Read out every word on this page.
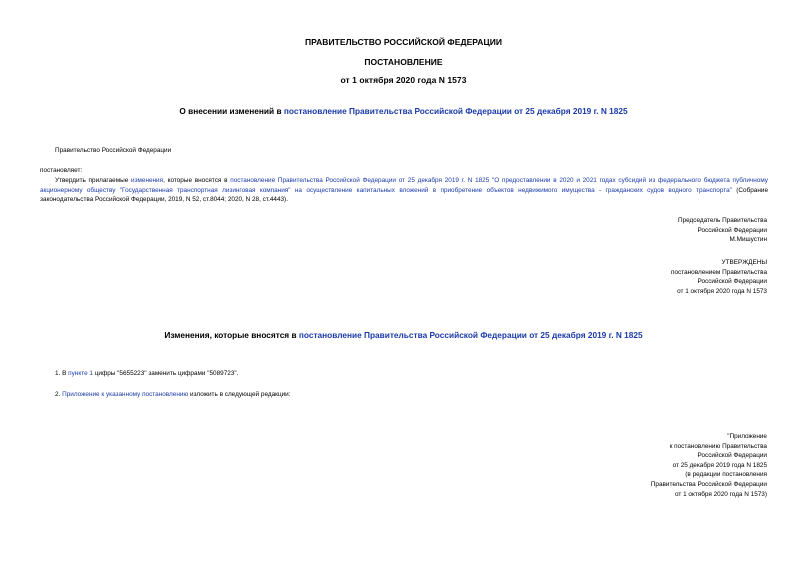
ПРАВИТЕЛЬСТВО РОССИЙСКОЙ ФЕДЕРАЦИИ
ПОСТАНОВЛЕНИЕ
от 1 октября 2020 года N 1573
О внесении изменений в постановление Правительства Российской Федерации от 25 декабря 2019 г. N 1825
Правительство Российской Федерации
постановляет:
Утвердить прилагаемые изменения, которые вносятся в постановление Правительства Российской Федерации от 25 декабря 2019 г. N 1825 "О предоставлении в 2020 и 2021 годах субсидий из федерального бюджета публичному акционерному обществу "Государственная транспортная лизинговая компания" на осуществление капитальных вложений в приобретение объектов недвижимого имущества - гражданских судов водного транспорта" (Собрание законодательства Российской Федерации, 2019, N 52, ст.8044; 2020, N 28, ст.4443).
Председатель Правительства
Российской Федерации
М.Мишустин
УТВЕРЖДЕНЫ
постановлением Правительства
Российской Федерации
от 1 октября 2020 года N 1573
Изменения, которые вносятся в постановление Правительства Российской Федерации от 25 декабря 2019 г. N 1825
1. В пункте 1 цифры "5655223" заменить цифрами "5089723".
2. Приложение к указанному постановлению изложить в следующей редакции:
"Приложение
к постановлению Правительства
Российской Федерации
от 25 декабря 2019 года N 1825
(в редакции постановления
Правительства Российской Федерации
от 1 октября 2020 года N 1573)
